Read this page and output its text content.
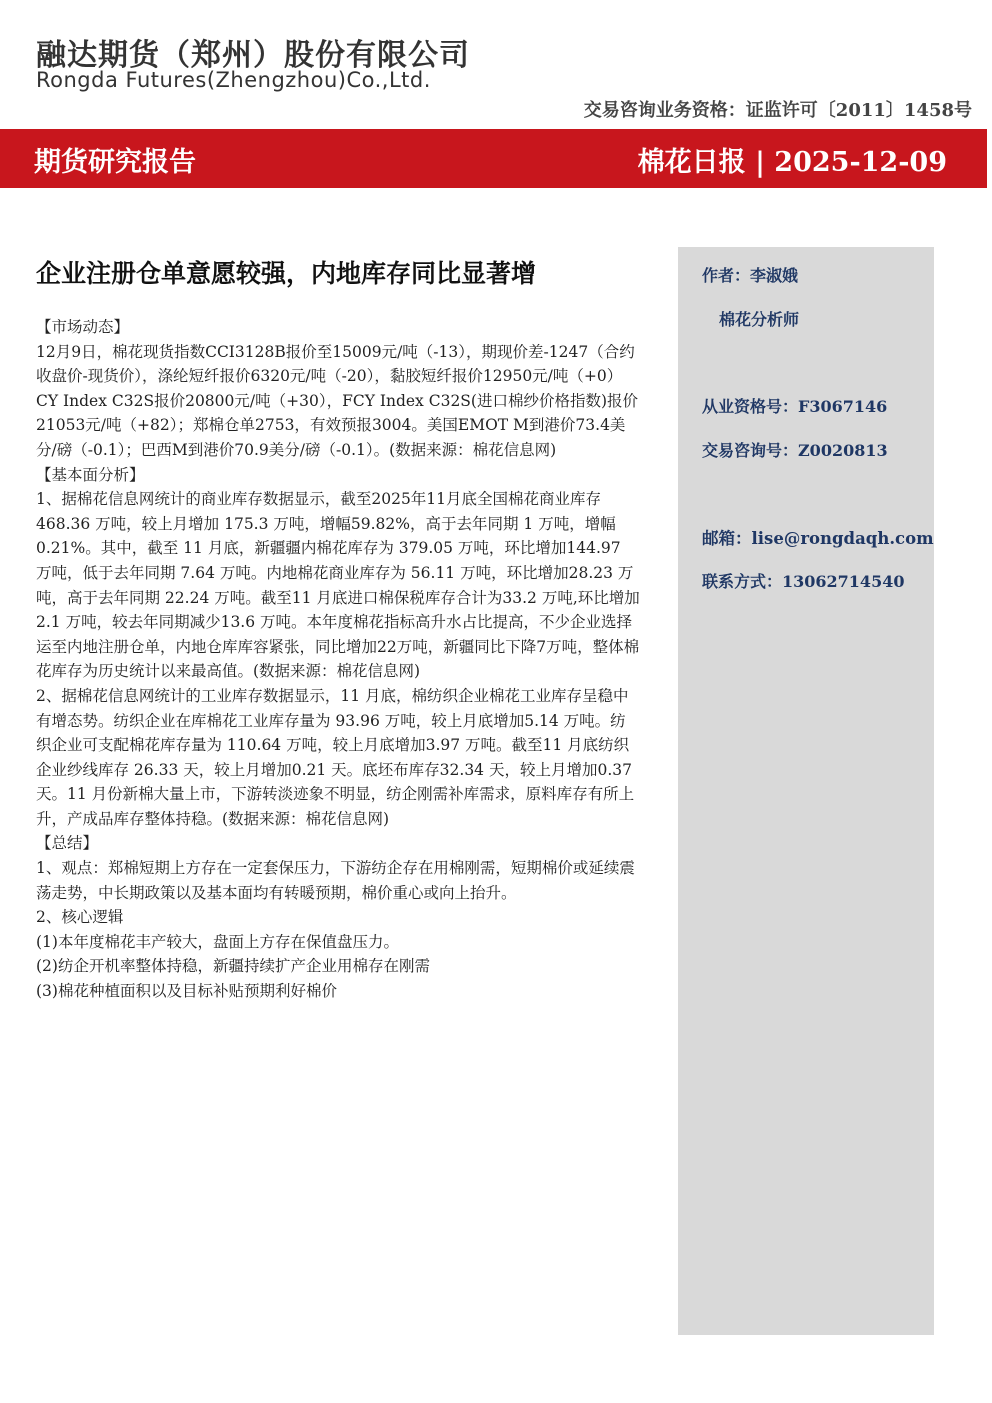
融达期货（郑州）股份有限公司
Rongda Futures(Zhengzhou)Co.,Ltd.
交易咨询业务资格：证监许可〔2011〕1458号
期货研究报告	棉花日报 | 2025-12-09
企业注册仓单意愿较强，内地库存同比显著增	作者：李淑娥
棉花分析师
从业资格号：F3067146
交易咨询号：Z0020813
邮箱：lise@rongdaqh.com
联系方式：13062714540

【市场动态】

12月9日，棉花现货指数CCI3128B报价至15009元/吨（-13），期现价差-1247（合约收盘价-现货价），涤纶短纤报价6320元/吨（-20），黏胶短纤报价12950元/吨（+0）CY Index C32S报价20800元/吨（+30），FCY Index C32S(进口棉纱价格指数)报价21053元/吨（+82）；郑棉仓单2753，有效预报3004。美国EMOT M到港价73.4美分/磅（-0.1）；巴西M到港价70.9美分/磅（-0.1）。(数据来源：棉花信息网)

【基本面分析】

1、据棉花信息网统计的商业库存数据显示，截至2025年11月底全国棉花商业库存468.36 万吨，较上月增加 175.3 万吨，增幅59.82%，高于去年同期 1 万吨，增幅0.21%。其中，截至 11 月底，新疆疆内棉花库存为 379.05 万吨，环比增加144.97 万吨，低于去年同期 7.64 万吨。内地棉花商业库存为 56.11 万吨，环比增加28.23 万吨，高于去年同期 22.24 万吨。截至11 月底进口棉保税库存合计为33.2 万吨,环比增加 2.1 万吨，较去年同期减少13.6 万吨。本年度棉花指标高升水占比提高，不少企业选择运至内地注册仓单，内地仓库库容紧张，同比增加22万吨，新疆同比下降7万吨，整体棉花库存为历史统计以来最高值。(数据来源：棉花信息网)

2、据棉花信息网统计的工业库存数据显示，11 月底，棉纺织企业棉花工业库存呈稳中有增态势。纺织企业在库棉花工业库存量为 93.96 万吨，较上月底增加5.14 万吨。纺织企业可支配棉花库存量为 110.64 万吨，较上月底增加3.97 万吨。截至11 月底纺织企业纱线库存 26.33 天，较上月增加0.21 天。底坯布库存32.34 天，较上月增加0.37天。11 月份新棉大量上市，下游转淡迹象不明显，纺企刚需补库需求，原料库存有所上升，产成品库存整体持稳。(数据来源：棉花信息网)

【总结】

1、观点：郑棉短期上方存在一定套保压力，下游纺企存在用棉刚需，短期棉价或延续震荡走势，中长期政策以及基本面均有转暖预期，棉价重心或向上抬升。

2、核心逻辑

(1)本年度棉花丰产较大，盘面上方存在保值盘压力。

(2)纺企开机率整体持稳，新疆持续扩产企业用棉存在刚需

(3)棉花种植面积以及目标补贴预期利好棉价
